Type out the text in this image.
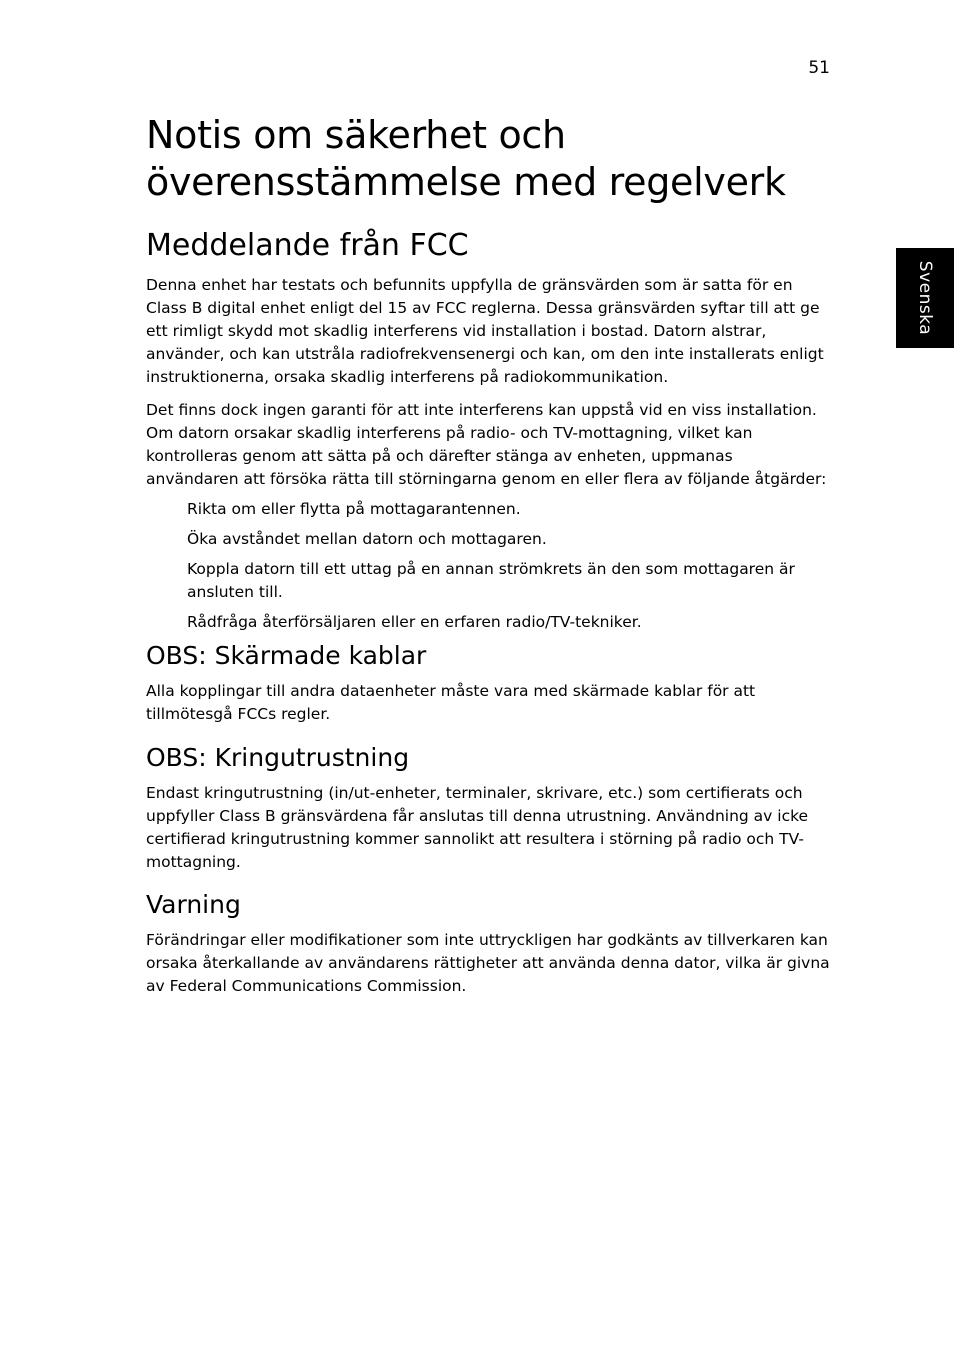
51
Svenska
Notis om säkerhet och överensstämmelse med regelverk
Meddelande från FCC

Denna enhet har testats och befunnits uppfylla de gränsvärden som är satta för en Class B digital enhet enligt del 15 av FCC reglerna. Dessa gränsvärden syftar till att ge ett rimligt skydd mot skadlig interferens vid installation i bostad. Datorn alstrar, använder, och kan utstråla radiofrekvensenergi och kan, om den inte installerats enligt instruktionerna, orsaka skadlig interferens på radiokommunikation.

Det finns dock ingen garanti för att inte interferens kan uppstå vid en viss installation. Om datorn orsakar skadlig interferens på radio- och TV-mottagning, vilket kan kontrolleras genom att sätta på och därefter stänga av enheten, uppmanas användaren att försöka rätta till störningarna genom en eller flera av följande åtgärder:

Rikta om eller flytta på mottagarantennen.
Öka avståndet mellan datorn och mottagaren.
Koppla datorn till ett uttag på en annan strömkrets än den som mottagaren är ansluten till.
Rådfråga återförsäljaren eller en erfaren radio/TV-tekniker.
OBS: Skärmade kablar

Alla kopplingar till andra dataenheter måste vara med skärmade kablar för att tillmötesgå FCCs regler.

OBS: Kringutrustning

Endast kringutrustning (in/ut-enheter, terminaler, skrivare, etc.) som certifierats och uppfyller Class B gränsvärdena får anslutas till denna utrustning. Användning av icke certifierad kringutrustning kommer sannolikt att resultera i störning på radio och TV-mottagning.

Varning

Förändringar eller modifikationer som inte uttryckligen har godkänts av tillverkaren kan orsaka återkallande av användarens rättigheter att använda denna dator, vilka är givna av Federal Communications Commission.
